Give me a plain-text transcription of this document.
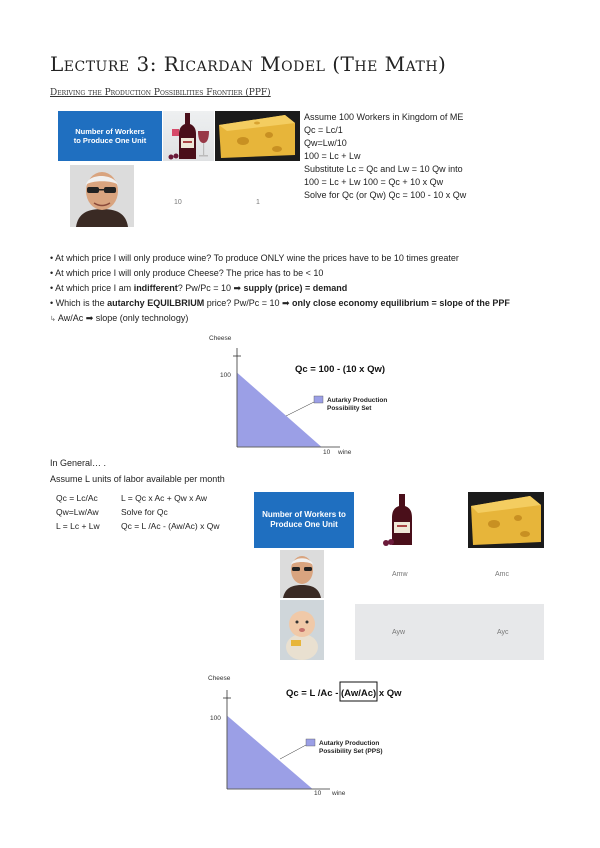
Lecture 3: Ricardan Model (The Math)
Deriving the Production Possibilities Frontier (PPF)
Number of Workers to Produce One Unit
10	1
Assume 100 Workers in Kingdom of ME
Qc = Lc/1
Qw=Lw/10
100 = Lc + Lw
Substitute Lc = Qc and Lw = 10 Qw into
100 = Lc + Lw 100 = Qc + 10 x Qw
Solve for Qc (or Qw) Qc = 100 - 10 x Qw
• At which price I will only produce wine? To produce ONLY wine the prices have to be 10 times greater
• At which price I will only produce Cheese? The price has to be < 10
• At which price I am indifferent? Pw/Pc = 10 ➡ supply (price) = demand
• Which is the autarchy EQUILBRIUM price? Pw/Pc = 10 ➡ only close economy equilibrium = slope of the PPF
↳ Aw/Ac ➡ slope (only technology)
Cheese
100
10 wine
Qc = 100 - (10 x Qw)
Autarky Production
Possibility Set
In General… .
Assume L units of labor available per month
Qc = Lc/Ac
Qw=Lw/Aw
L = Lc + Lw
L = Qc x Ac + Qw x Aw
Solve for Qc
Qc = L /Ac - (Aw/Ac) x Qw
Number of Workers to Produce One Unit
Amw	Amc
Ayw	Ayc
Cheese
100
10 wine
Qc = L /Ac - (Aw/Ac) x Qw
Autarky Production
Possibility Set (PPS)
